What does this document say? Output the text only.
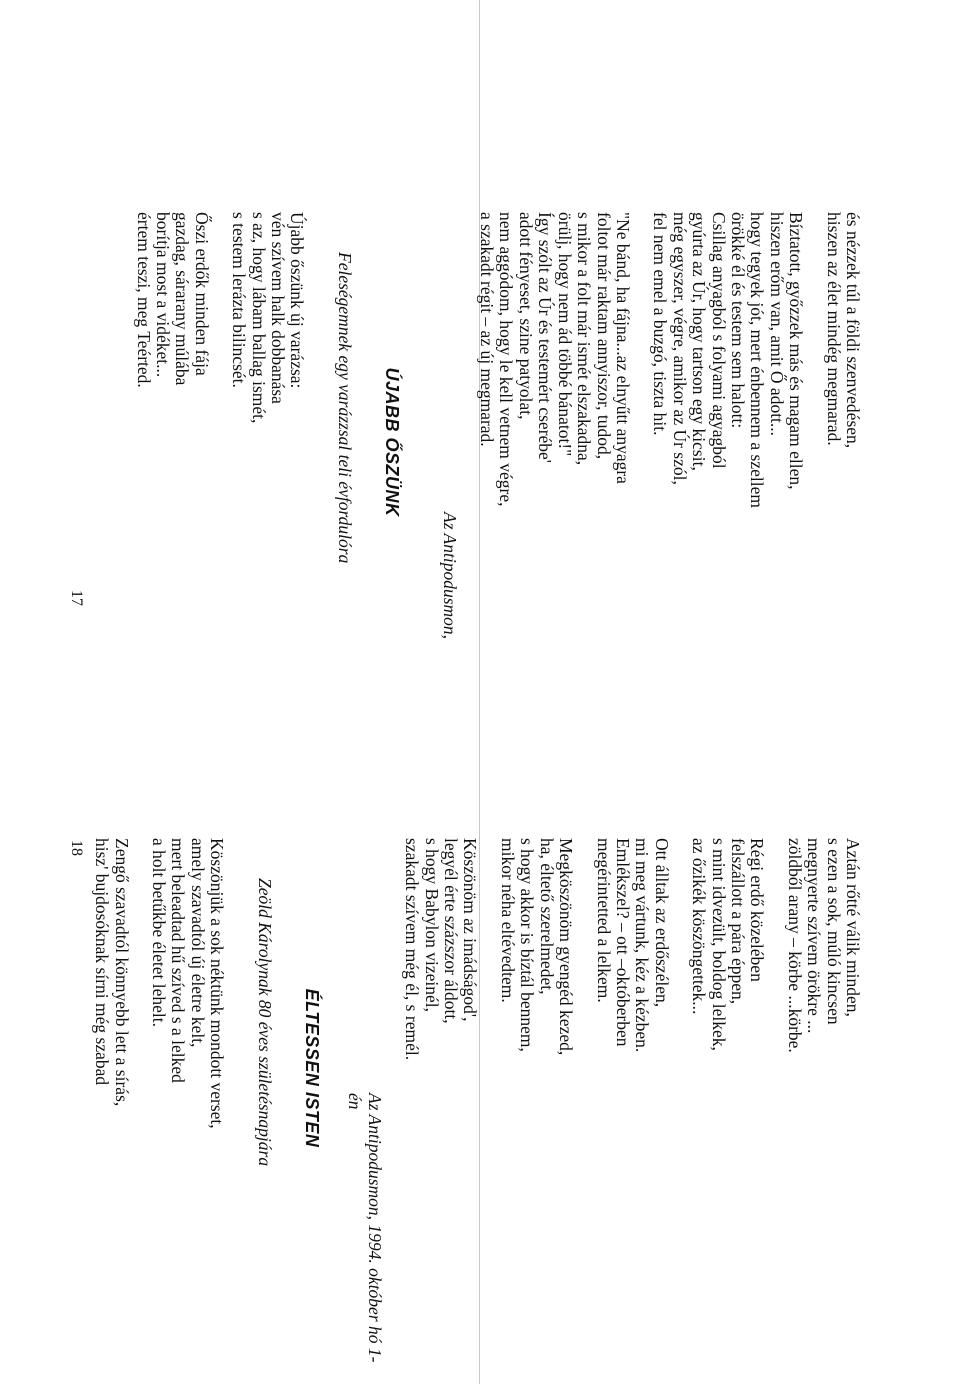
és nézzek túl a földi szenvedésen,
hiszen az élet mindég megmarad.
Bíztatott, győzzek más és magam ellen,
hiszen erőm van, amit Ő adott...
hogy tegyek jót, mert énbennem a szellem
örökké él és testem sem halott:
Csillag anyagból s folyami agyagból
gyúrta az Úr, hogy tartson egy kicsit,
még egyszer, végre, amikor az Úr szól,
fel nem emel a buzgó, tiszta hit.
"Ne bánd, ha fájna...az elnyűtt anyagra
foltot már raktam annyiszor, tudod,
s mikor a folt már ismét elszakadna,
örülj, hogy nem ád többé bánatot!"
Így szólt az Úr és testemért cserébe'
adott fényeset, szine patyolat,
nem aggódom, hogy le kell vetnem végre,
a szakadt régit – az új megmarad.
Az Antipodusmon,
ÚJABB ŐSZÜNK
Feleségemnek egy varázzsal teli évfordulóra
Újabb őszünk új varázsa:
vén szívem halk dobbanása
s az, hogy lábam ballag ismét,
s testem lerázta bilincsét.
Őszi erdők minden fája
gazdag, sárarany múlába
borítja most a vidéket...
értem teszi, meg Teérted.
17
Aztán rőtté válik minden,
s ezen a sok, múló kincsen
megnyerte szívem örökre ...
zöldből arany – körbe ...körbe.
Régi erdő közelében
felszállott a pára éppen,
s mint idvezült, boldog lelkek,
az őzikék köszöngettek...
Ott álltak az erdőszélen,
mi meg vártunk, kéz a kézben.
Emlékszel? – ott –októberben
megérintetted a lelkem.
Megköszönöm gyengéd kezed,
ha, éltető szerelmedet,
s hogy akkor is bíztál bennem,
mikor néha eltévedtem.
Köszönöm az imádságod',
legyél érte százszor áldott,
s hogy Babylon vizeinél,
szakadt szívem még él, s remél.
Az Antipodusmon, 1994. október hó 1-én
ÉLTESSEN ISTEN
Zeöld Károlynak 80 éves születésnapjára
Köszönjük a sok néktünk mondott verset,
amely szavadtól új életre kelt,
mert beleadtad hű szíved s a lelked
a holt betűkbe életet lehelt.
Zengő szavadtól könnyebb lett a sírás,
hisz' bujdosóknak sírni még szabad
18
